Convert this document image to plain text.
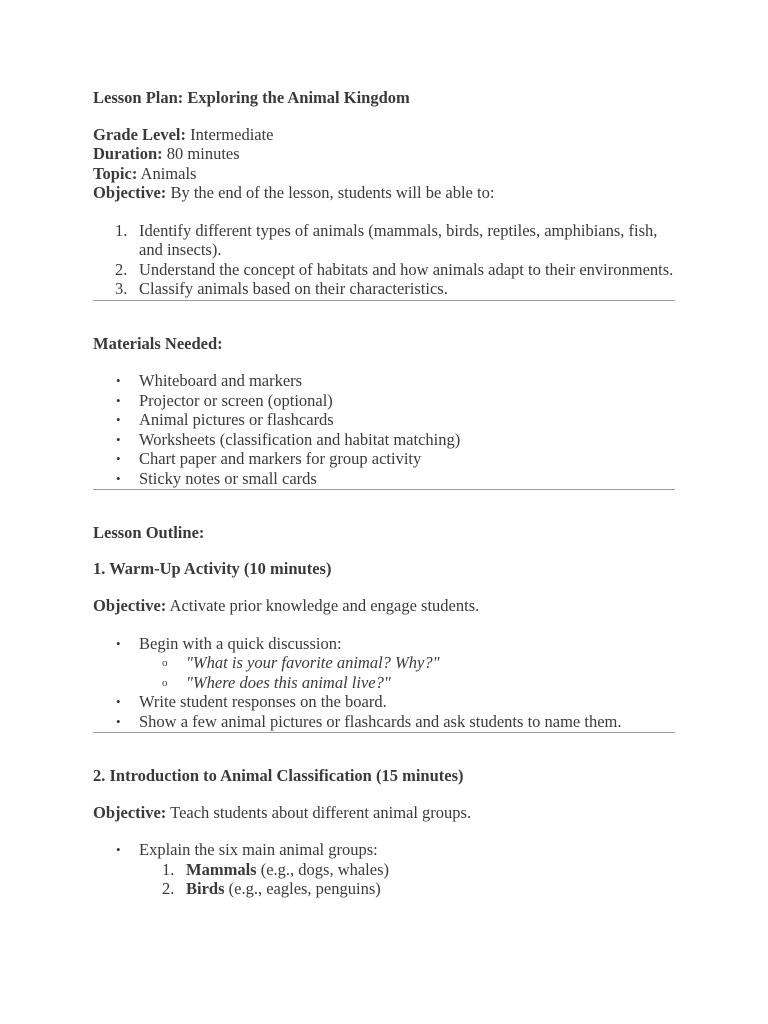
Lesson Plan: Exploring the Animal Kingdom

Grade Level: Intermediate

Duration: 80 minutes

Topic: Animals

Objective: By the end of the lesson, students will be able to:

1. Identify different types of animals (mammals, birds, reptiles, amphibians, fish, and insects).
2. Understand the concept of habitats and how animals adapt to their environments.
3. Classify animals based on their characteristics.

Materials Needed:

• Whiteboard and markers
• Projector or screen (optional)
• Animal pictures or flashcards
• Worksheets (classification and habitat matching)
• Chart paper and markers for group activity
• Sticky notes or small cards

Lesson Outline:

1. Warm-Up Activity (10 minutes)

Objective: Activate prior knowledge and engage students.

• Begin with a quick discussion:
o "What is your favorite animal? Why?"
o "Where does this animal live?"
• Write student responses on the board.
• Show a few animal pictures or flashcards and ask students to name them.

2. Introduction to Animal Classification (15 minutes)

Objective: Teach students about different animal groups.

• Explain the six main animal groups:
1. Mammals (e.g., dogs, whales)
2. Birds (e.g., eagles, penguins)
